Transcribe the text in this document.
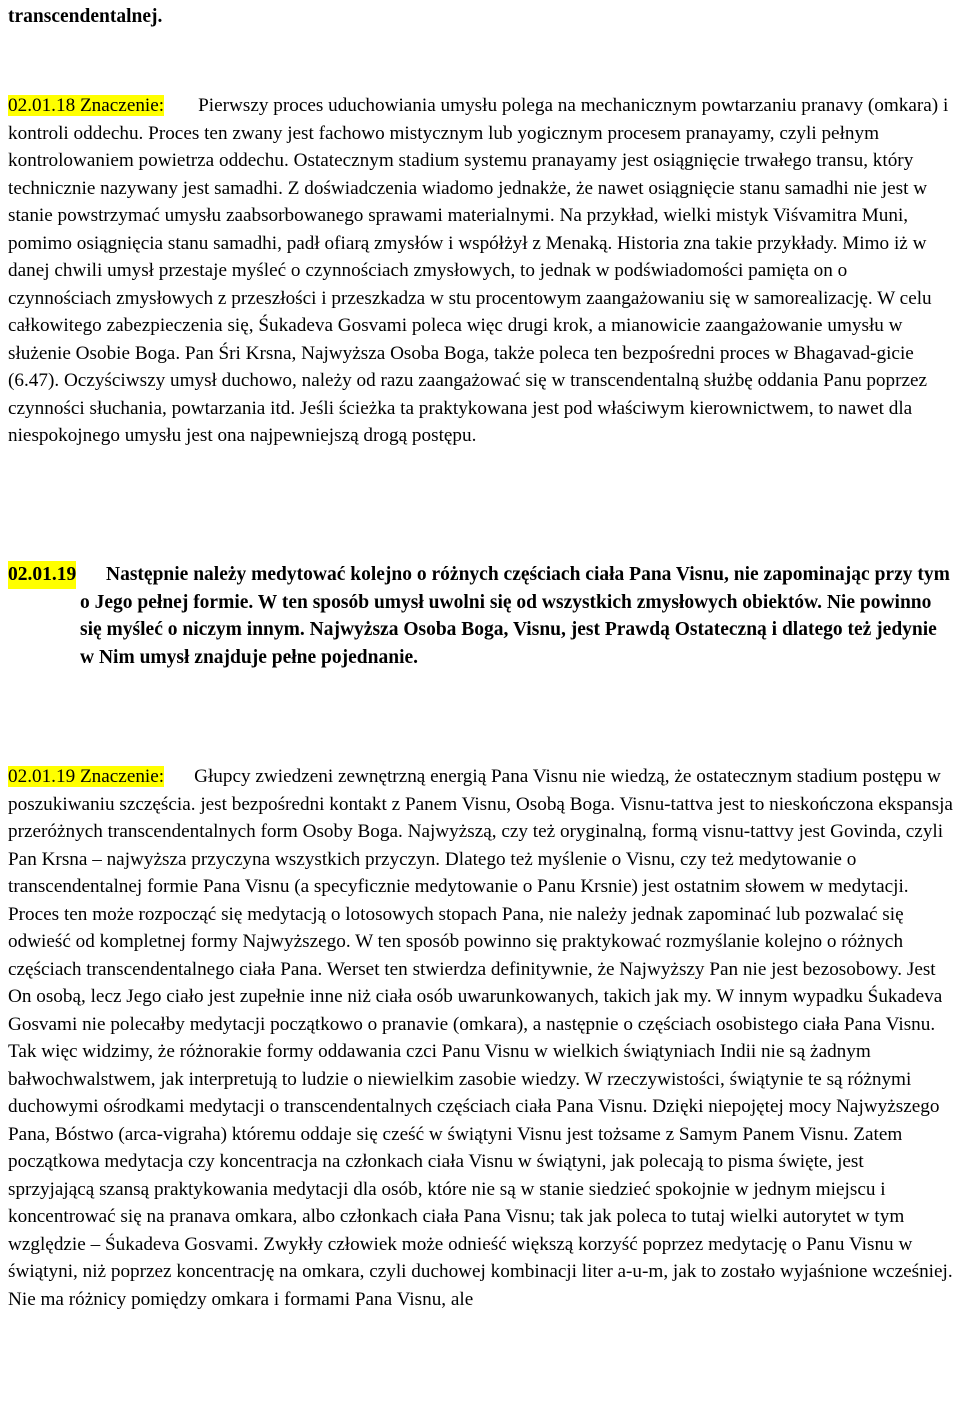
transcendentalnej.

02.01.18 Znaczenie: Pierwszy proces uduchowiania umysłu polega na mechanicznym powtarzaniu pranavy (omkara) i kontroli oddechu. Proces ten zwany jest fachowo mistycznym lub yogicznym procesem pranayamy, czyli pełnym kontrolowaniem powietrza oddechu. Ostatecznym stadium systemu pranayamy jest osiągnięcie trwałego transu, który technicznie nazywany jest samadhi. Z doświadczenia wiadomo jednakże, że nawet osiągnięcie stanu samadhi nie jest w stanie powstrzymać umysłu zaabsorbowanego sprawami materialnymi. Na przykład, wielki mistyk Viśvamitra Muni, pomimo osiągnięcia stanu samadhi, padł ofiarą zmysłów i współżył z Menaką. Historia zna takie przykłady. Mimo iż w danej chwili umysł przestaje myśleć o czynnościach zmysłowych, to jednak w podświadomości pamięta on o czynnościach zmysłowych z przeszłości i przeszkadza w stu procentowym zaangażowaniu się w samorealizację. W celu całkowitego zabezpieczenia się, Śukadeva Gosvami poleca więc drugi krok, a mianowicie zaangażowanie umysłu w służenie Osobie Boga. Pan Śri Krsna, Najwyższa Osoba Boga, także poleca ten bezpośredni proces w Bhagavad-gicie (6.47). Oczyściwszy umysł duchowo, należy od razu zaangażować się w transcendentalną służbę oddania Panu poprzez czynności słuchania, powtarzania itd. Jeśli ścieżka ta praktykowana jest pod właściwym kierownictwem, to nawet dla niespokojnego umysłu jest ona najpewniejszą drogą postępu.

02.01.19	Następnie należy medytować kolejno o różnych częściach ciała Pana Visnu, nie zapominając przy tym o Jego pełnej formie. W ten sposób umysł uwolni się od wszystkich zmysłowych obiektów. Nie powinno się myśleć o niczym innym. Najwyższa Osoba Boga, Visnu, jest Prawdą Ostateczną i dlatego też jedynie w Nim umysł znajduje pełne pojednanie.

02.01.19 Znaczenie: Głupcy zwiedzeni zewnętrzną energią Pana Visnu nie wiedzą, że ostatecznym stadium postępu w poszukiwaniu szczęścia. jest bezpośredni kontakt z Panem Visnu, Osobą Boga. Visnu-tattva jest to nieskończona ekspansja przeróżnych transcendentalnych form Osoby Boga. Najwyższą, czy też oryginalną, formą visnu-tattvy jest Govinda, czyli Pan Krsna – najwyższa przyczyna wszystkich przyczyn. Dlatego też myślenie o Visnu, czy też medytowanie o transcendentalnej formie Pana Visnu (a specyficznie medytowanie o Panu Krsnie) jest ostatnim słowem w medytacji. Proces ten może rozpocząć się medytacją o lotosowych stopach Pana, nie należy jednak zapominać lub pozwalać się odwieść od kompletnej formy Najwyższego. W ten sposób powinno się praktykować rozmyślanie kolejno o różnych częściach transcendentalnego ciała Pana. Werset ten stwierdza definitywnie, że Najwyższy Pan nie jest bezosobowy. Jest On osobą, lecz Jego ciało jest zupełnie inne niż ciała osób uwarunkowanych, takich jak my. W innym wypadku Śukadeva Gosvami nie polecałby medytacji początkowo o pranavie (omkara), a następnie o częściach osobistego ciała Pana Visnu. Tak więc widzimy, że różnorakie formy oddawania czci Panu Visnu w wielkich świątyniach Indii nie są żadnym bałwochwalstwem, jak interpretują to ludzie o niewielkim zasobie wiedzy. W rzeczywistości, świątynie te są różnymi duchowymi ośrodkami medytacji o transcendentalnych częściach ciała Pana Visnu. Dzięki niepojętej mocy Najwyższego Pana, Bóstwo (arca-vigraha) któremu oddaje się cześć w świątyni Visnu jest tożsame z Samym Panem Visnu. Zatem początkowa medytacja czy koncentracja na członkach ciała Visnu w świątyni, jak polecają to pisma święte, jest sprzyjającą szansą praktykowania medytacji dla osób, które nie są w stanie siedzieć spokojnie w jednym miejscu i koncentrować się na pranava omkara, albo członkach ciała Pana Visnu; tak jak poleca to tutaj wielki autorytet w tym względzie – Śukadeva Gosvami. Zwykły człowiek może odnieść większą korzyść poprzez medytację o Panu Visnu w świątyni, niż poprzez koncentrację na omkara, czyli duchowej kombinacji liter a-u-m, jak to zostało wyjaśnione wcześniej. Nie ma różnicy pomiędzy omkara i formami Pana Visnu, ale
